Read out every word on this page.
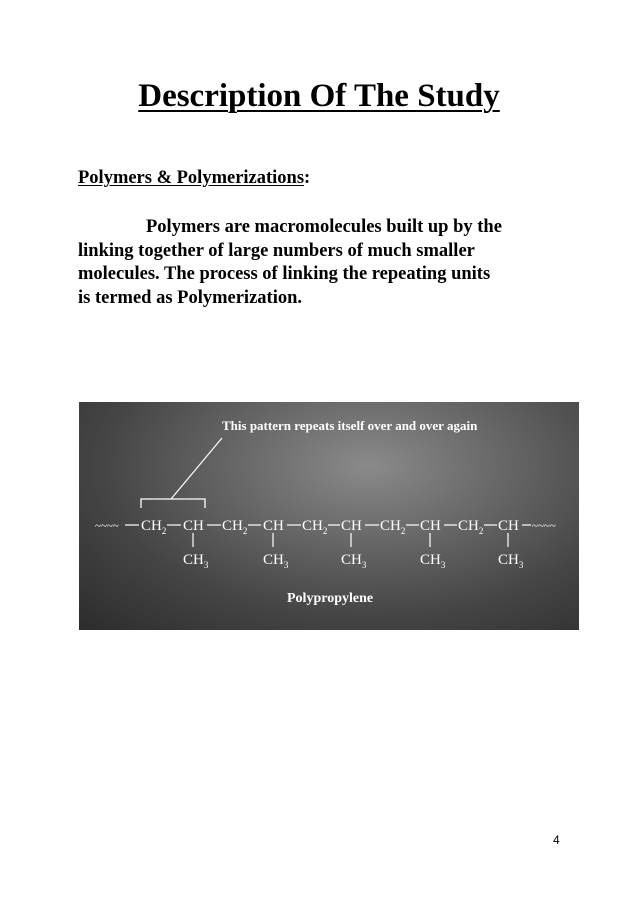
Description Of The Study
Polymers & Polymerizations:
Polymers are macromolecules built up by the
linking together of large numbers of much smaller
molecules. The process of linking the repeating units
is termed as Polymerization.
This pattern repeats itself over and over again
~~~~ $CH_2$ CH $CH_2$ CH $CH_2$ CH $CH_2$ CH $CH_2$ CH ~~~~
$CH_3$	$CH_3$	$CH_3$	$CH_3$	$CH_3$
Polypropylene
4
